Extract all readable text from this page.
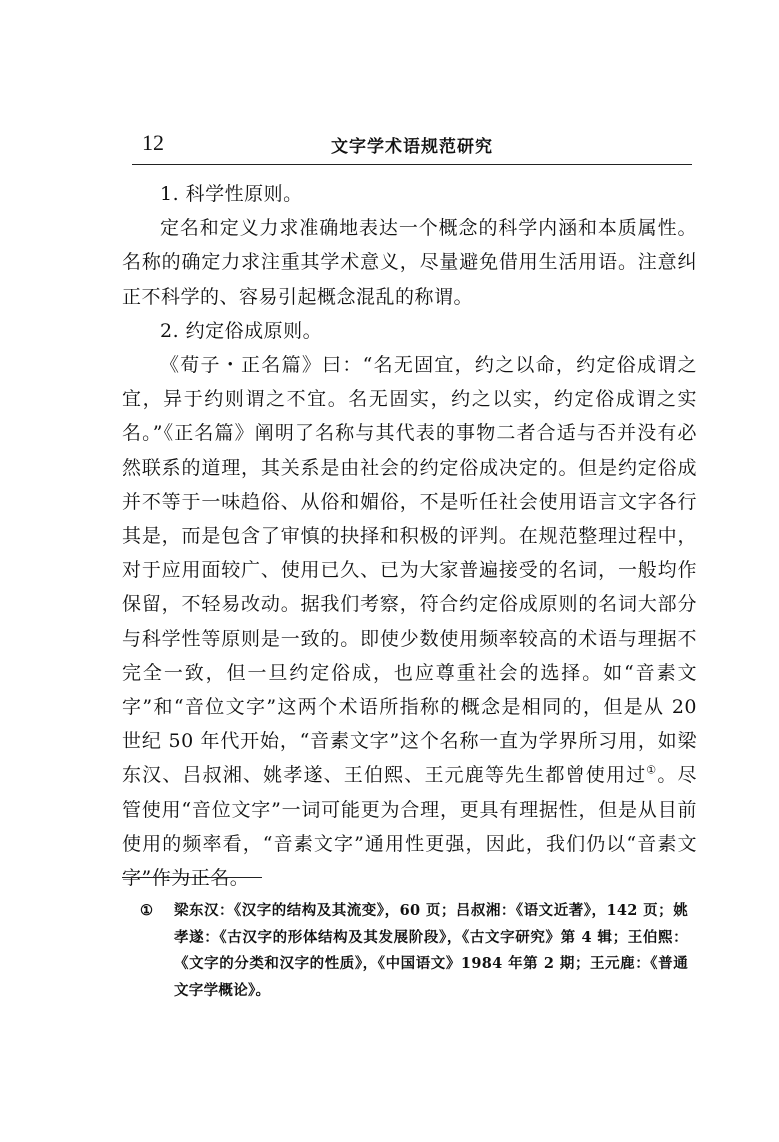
12	文字学术语规范研究

1. 科学性原则。

定名和定义力求准确地表达一个概念的科学内涵和本质属性。名称的确定力求注重其学术意义，尽量避免借用生活用语。注意纠正不科学的、容易引起概念混乱的称谓。

2. 约定俗成原则。

《荀子・正名篇》曰：“名无固宜，约之以命，约定俗成谓之宜，异于约则谓之不宜。名无固实，约之以实，约定俗成谓之实名。”《正名篇》阐明了名称与其代表的事物二者合适与否并没有必然联系的道理，其关系是由社会的约定俗成决定的。但是约定俗成并不等于一味趋俗、从俗和媚俗，不是听任社会使用语言文字各行其是，而是包含了审慎的抉择和积极的评判。在规范整理过程中，对于应用面较广、使用已久、已为大家普遍接受的名词，一般均作保留，不轻易改动。据我们考察，符合约定俗成原则的名词大部分与科学性等原则是一致的。即使少数使用频率较高的术语与理据不完全一致，但一旦约定俗成，也应尊重社会的选择。如“音素文字”和“音位文字”这两个术语所指称的概念是相同的，但是从 20 世纪 50 年代开始，“音素文字”这个名称一直为学界所习用，如梁东汉、吕叔湘、姚孝遂、王伯熙、王元鹿等先生都曾使用过①。尽管使用“音位文字”一词可能更为合理，更具有理据性，但是从目前使用的频率看，“音素文字”通用性更强，因此，我们仍以“音素文字”作为正名。

① 梁东汉：《汉字的结构及其流变》，60 页；吕叔湘：《语文近著》，142 页；姚孝遂：《古汉字的形体结构及其发展阶段》，《古文字研究》第 4 辑；王伯熙：《文字的分类和汉字的性质》，《中国语文》1984 年第 2 期；王元鹿：《普通文字学概论》。
